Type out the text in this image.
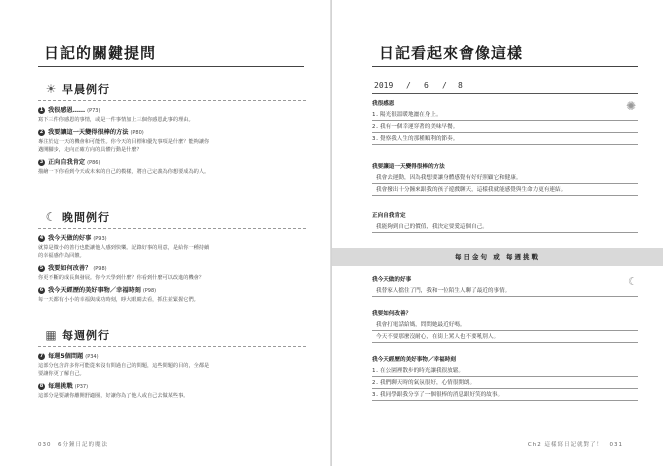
日記的關鍵提問
☀ 早晨例行
1 我很感恩…… (P73)
寫下三件你感恩的事情，或是一件事情加上三個你感恩此事的理由。
2 我要讓這一天變得很棒的方法 (P80)
專注於這一天的機會和可能性。你今天的目標和優先事項是什麼？能夠讓你
邁開腳步，走向正確方向的具體行動是什麼？
3 正向自我肯定 (P86)
描繪一下你看到今天或未來的自己的模樣，將自己定義為你想要成為的人。
☾ 晚間例行
4 我今天做的好事 (P93)
就算是微小的善行也能讓他人感到快樂。記錄好事的用意，是給你一種持續
的幸福感作為回饋。
5 我要如何改善？ (P98)
你更不斷的成長與發展。你今天學到什麼？你看到什麼可以改進的機會？
6 我今天經歷的美好事物／幸福時刻 (P98)
每一天都有小小的幸福與成功時刻，睜大眼睛去看，抓住並緊握它們。
▦ 每週例行
7 每週5個問題 (P34)
這部分包含許多你可能從來沒有問過自己的問題，這些問題的目的，全都是
要讓你更了解自己。
8 每週挑戰 (P37)
這部分是要讓你離開舒適圈，好讓你為了他人或自己去做某些事。
030　6分鐘日記的魔法
日記看起來會像這樣
2019 / 6 / 8
我很感恩
1.陽光很溫暖地灑在身上。
2.我有一個幸運穿著的美味早餐。
3.覺察我人生的那種順利的節奏。
我要讓這一天變得很棒的方法
我會去運動，因為我想要讓身體感覺有好好照顧它和健康。
我會撥出十分鐘來跟我的孩子遊戲聊天，這樣我就能感覺與生命力更有連結。
正向自我肯定
我能夠到自己的價值，我決定要愛這個自己。
每日金句 或 每週挑戰
我今天做的好事
我替家人擋住了門，我和一位陌生人聊了最近的事情。
我要如何改善？
我會打電話給媽，問問她最近好嗎。
今天不要那麼沒耐心，在街上罵人也不要吼別人。
我今天經歷的美好事物／幸福時刻
1.在公園裡散步的時光讓我很放鬆。
2.我們聊天時的氣氛很好，心情很開朗。
3.我同學跟我分享了一個很棒的消息跟好笑的故事。
✺
☾
Ch2 這樣寫日記就對了！　031
